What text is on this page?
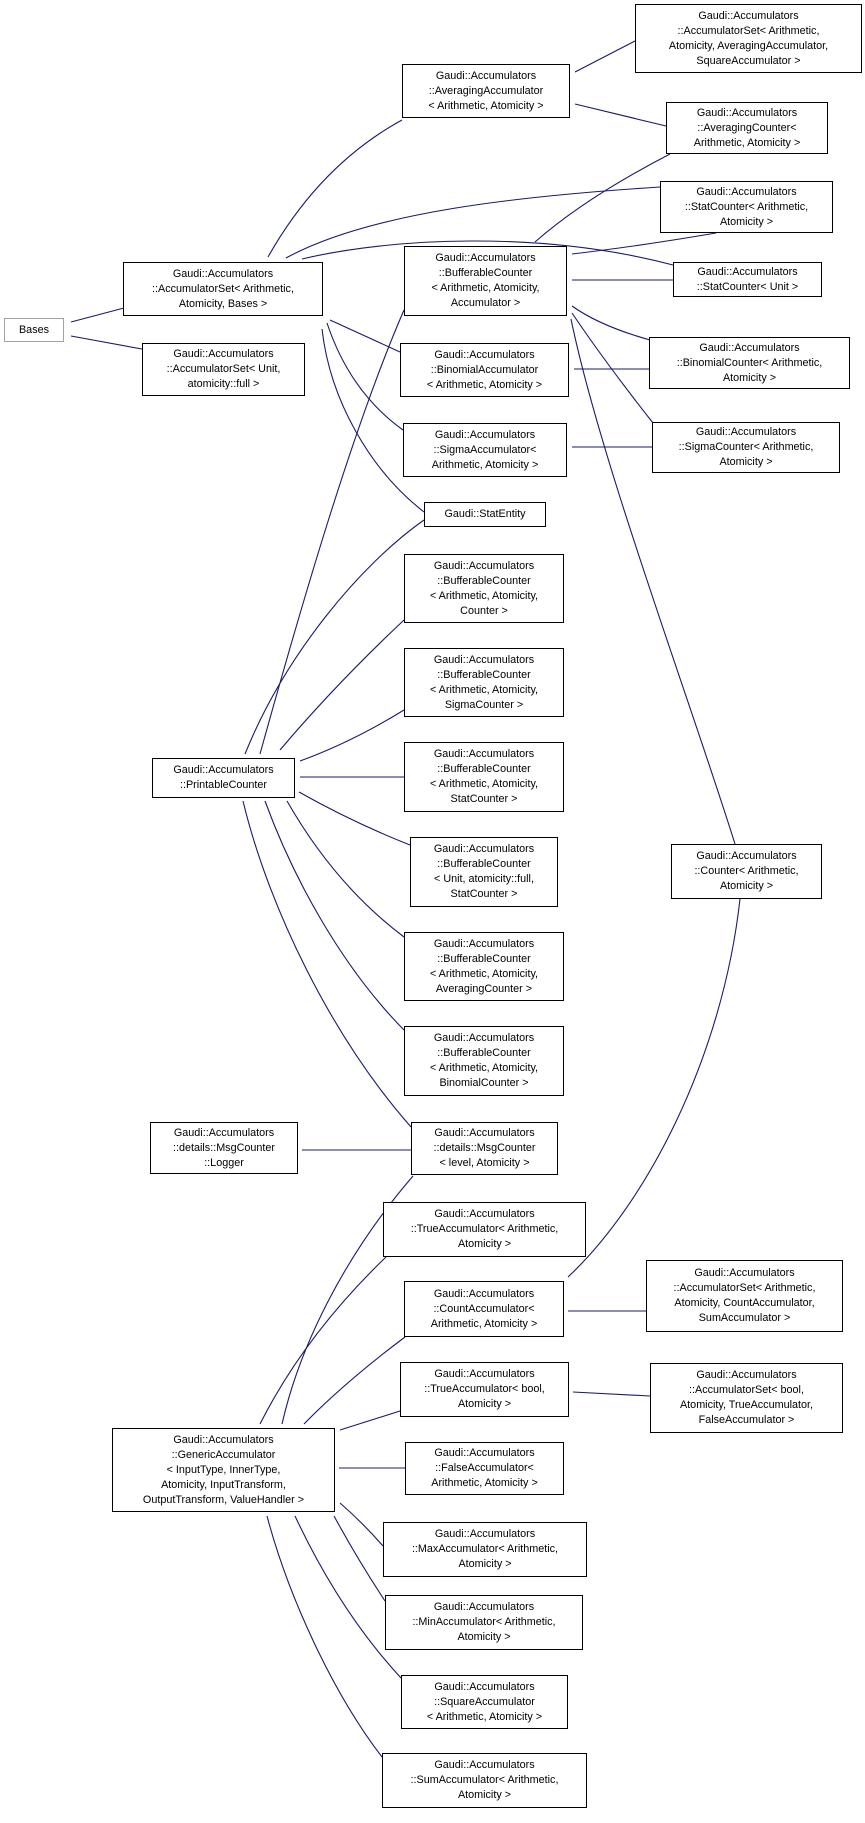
Bases
Gaudi::Accumulators
::AccumulatorSet< Arithmetic,
Atomicity, Bases >
Gaudi::Accumulators
::AccumulatorSet< Unit,
atomicity::full >
Gaudi::Accumulators
::PrintableCounter
Gaudi::Accumulators
::details::MsgCounter
::Logger
Gaudi::Accumulators
::GenericAccumulator
< InputType, InnerType,
Atomicity, InputTransform,
OutputTransform, ValueHandler >
Gaudi::Accumulators
::AveragingAccumulator
< Arithmetic, Atomicity >
Gaudi::Accumulators
::BufferableCounter
< Arithmetic, Atomicity,
Accumulator >
Gaudi::Accumulators
::BinomialAccumulator
< Arithmetic, Atomicity >
Gaudi::Accumulators
::SigmaAccumulator<
Arithmetic, Atomicity >
Gaudi::StatEntity
Gaudi::Accumulators
::BufferableCounter
< Arithmetic, Atomicity,
Counter >
Gaudi::Accumulators
::BufferableCounter
< Arithmetic, Atomicity,
SigmaCounter >
Gaudi::Accumulators
::BufferableCounter
< Arithmetic, Atomicity,
StatCounter >
Gaudi::Accumulators
::BufferableCounter
< Unit, atomicity::full,
StatCounter >
Gaudi::Accumulators
::BufferableCounter
< Arithmetic, Atomicity,
AveragingCounter >
Gaudi::Accumulators
::BufferableCounter
< Arithmetic, Atomicity,
BinomialCounter >
Gaudi::Accumulators
::details::MsgCounter
< level, Atomicity >
Gaudi::Accumulators
::TrueAccumulator< Arithmetic,
Atomicity >
Gaudi::Accumulators
::CountAccumulator<
Arithmetic, Atomicity >
Gaudi::Accumulators
::TrueAccumulator< bool,
Atomicity >
Gaudi::Accumulators
::FalseAccumulator<
Arithmetic, Atomicity >
Gaudi::Accumulators
::MaxAccumulator< Arithmetic,
Atomicity >
Gaudi::Accumulators
::MinAccumulator< Arithmetic,
Atomicity >
Gaudi::Accumulators
::SquareAccumulator
< Arithmetic, Atomicity >
Gaudi::Accumulators
::SumAccumulator< Arithmetic,
Atomicity >
Gaudi::Accumulators
::AccumulatorSet< Arithmetic,
Atomicity, AveragingAccumulator,
SquareAccumulator >
Gaudi::Accumulators
::AveragingCounter<
Arithmetic, Atomicity >
Gaudi::Accumulators
::StatCounter< Arithmetic,
Atomicity >
Gaudi::Accumulators
::StatCounter< Unit >
Gaudi::Accumulators
::BinomialCounter< Arithmetic,
Atomicity >
Gaudi::Accumulators
::SigmaCounter< Arithmetic,
Atomicity >
Gaudi::Accumulators
::Counter< Arithmetic,
Atomicity >
Gaudi::Accumulators
::AccumulatorSet< Arithmetic,
Atomicity, CountAccumulator,
SumAccumulator >
Gaudi::Accumulators
::AccumulatorSet< bool,
Atomicity, TrueAccumulator,
FalseAccumulator >
